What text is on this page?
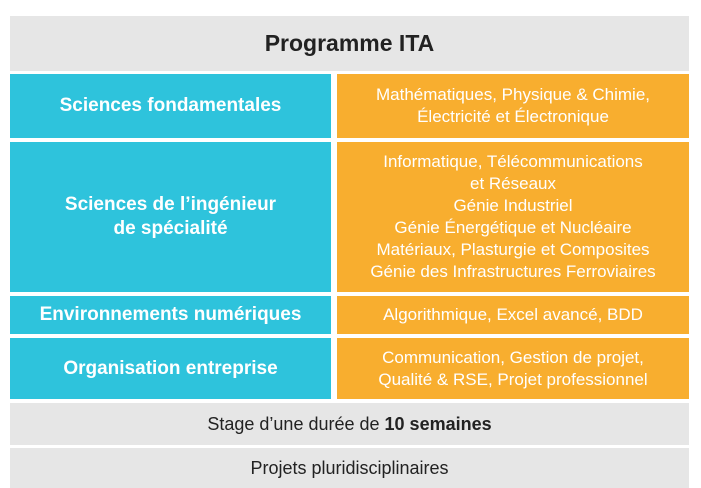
Programme ITA
Sciences fondamentales
Mathématiques, Physique & Chimie,
Électricité et Électronique
Sciences de l’ingénieur
de spécialité
Informatique, Télécommunications
et Réseaux
Génie Industriel
Génie Énergétique et Nucléaire
Matériaux, Plasturgie et Composites
Génie des Infrastructures Ferroviaires
Environnements numériques	Algorithmique, Excel avancé, BDD
Organisation entreprise
Communication, Gestion de projet,
Qualité & RSE, Projet professionnel
Stage d’une durée de 10 semaines
Projets pluridisciplinaires
